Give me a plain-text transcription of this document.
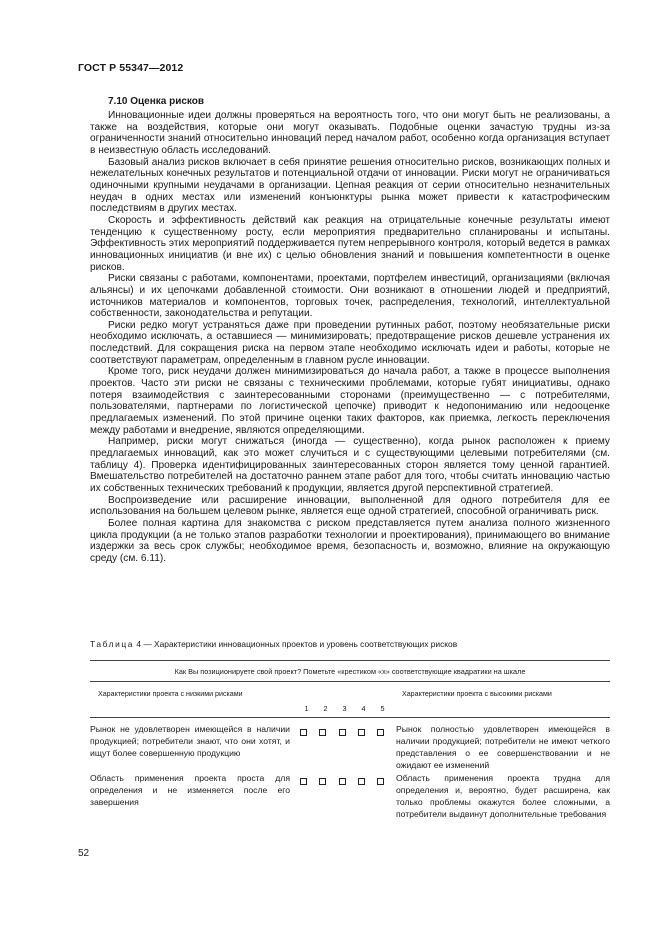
ГОСТ Р 55347—2012
7.10 Оценка рисков

Инновационные идеи должны проверяться на вероятность того, что они могут быть не реализованы, а также на воздействия, которые они могут оказывать. Подобные оценки зачастую трудны из-за ограниченности знаний относительно инноваций перед началом работ, особенно когда организация вступает в неизвестную область исследований.

Базовый анализ рисков включает в себя принятие решения относительно рисков, возникающих полных и нежелательных конечных результатов и потенциальной отдачи от инновации. Риски могут не ограничиваться одиночными крупными неудачами в организации. Цепная реакция от серии относительно незначительных неудач в одних местах или изменений конъюнктуры рынка может привести к катастрофическим последствиям в других местах.

Скорость и эффективность действий как реакция на отрицательные конечные результаты имеют тенденцию к существенному росту, если мероприятия предварительно спланированы и испытаны. Эффективность этих мероприятий поддерживается путем непрерывного контроля, который ведется в рамках инновационных инициатив (и вне их) с целью обновления знаний и повышения компетентности в оценке рисков.

Риски связаны с работами, компонентами, проектами, портфелем инвестиций, организациями (включая альянсы) и их цепочками добавленной стоимости. Они возникают в отношении людей и предприятий, источников материалов и компонентов, торговых точек, распределения, технологий, интеллектуальной собственности, законодательства и репутации.

Риски редко могут устраняться даже при проведении рутинных работ, поэтому необязательные риски необходимо исключать, а оставшиеся — минимизировать; предотвращение рисков дешевле устранения их последствий. Для сокращения риска на первом этапе необходимо исключать идеи и работы, которые не соответствуют параметрам, определенным в главном русле инновации.

Кроме того, риск неудачи должен минимизироваться до начала работ, а также в процессе выполнения проектов. Часто эти риски не связаны с техническими проблемами, которые губят инициативы, однако потеря взаимодействия с заинтересованными сторонами (преимущественно — с потребителями, пользователями, партнерами по логистической цепочке) приводит к недопониманию или недооценке предлагаемых изменений. По этой причине оценки таких факторов, как приемка, легкость переключения между работами и внедрение, являются определяющими.

Например, риски могут снижаться (иногда — существенно), когда рынок расположен к приему предлагаемых инноваций, как это может случиться и с существующими целевыми потребителями (см. таблицу 4). Проверка идентифицированных заинтересованных сторон является тому ценной гарантией. Вмешательство потребителей на достаточно раннем этапе работ для того, чтобы считать инновацию частью их собственных технических требований к продукции, является другой перспективной стратегией.

Воспроизведение или расширение инновации, выполненной для одного потребителя для ее использования на большем целевом рынке, является еще одной стратегией, способной ограничивать риск.

Более полная картина для знакомства с риском представляется путем анализа полного жизненного цикла продукции (а не только этапов разработки технологии и проектирования), принимающего во внимание издержки за весь срок службы; необходимое время, безопасность и, возможно, влияние на окружающую среду (см. 6.11).

Таблица 4 — Характеристики инновационных проектов и уровень соответствующих рисков
Как Вы позиционируете свой проект? Пометьте «крестиком «х» соответствующие квадратики на шкале
Характеристики проекта с низкими рисками	Характеристики проекта с высокими рисками
1 2 3 4 5
Рынок не удовлетворен имеющейся в наличии продукцией; потребители знают, что они хотят, и ищут более совершенную продукцию
Рынок полностью удовлетворен имеющейся в наличии продукцией; потребители не имеют четкого представления о ее совершенствовании и не ожидают ее изменений
Область применения проекта проста для определения и не изменяется после его завершения
Область применения проекта трудна для определения и, вероятно, будет расширена, как только проблемы окажутся более сложными, а потребители выдвинут дополнительные требования
52
